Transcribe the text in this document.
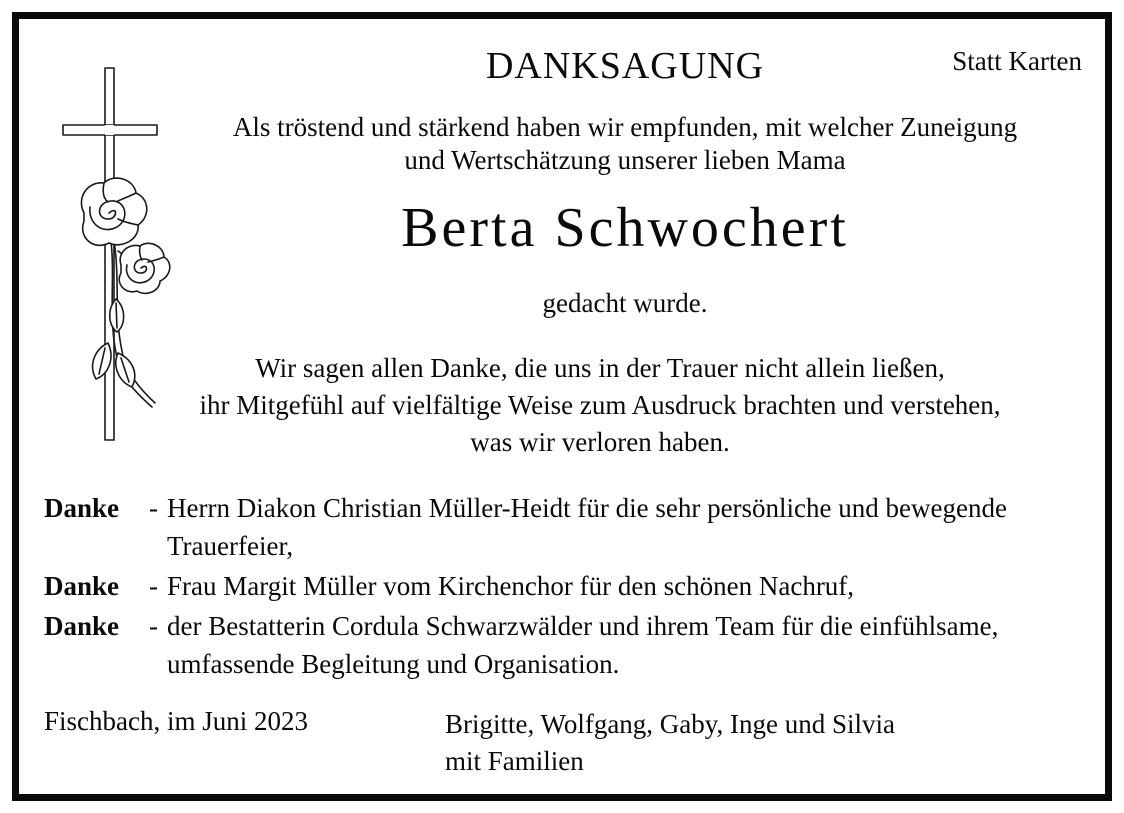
DANKSAGUNG	Statt Karten
Als tröstend und stärkend haben wir empfunden, mit welcher Zuneigung
und Wertschätzung unserer lieben Mama
Berta Schwochert
gedacht wurde.
Wir sagen allen Danke, die uns in der Trauer nicht allein ließen,
ihr Mitgefühl auf vielfältige Weise zum Ausdruck brachten und verstehen,
was wir verloren haben.
Danke	- Herrn Diakon Christian Müller-Heidt für die sehr persönliche und bewegende Trauerfeier,
Danke	- Frau Margit Müller vom Kirchenchor für den schönen Nachruf,
Danke	- der Bestatterin Cordula Schwarzwälder und ihrem Team für die einfühlsame, umfassende Begleitung und Organisation.
Fischbach, im Juni 2023	Brigitte, Wolfgang, Gaby, Inge und Silvia
mit Familien
